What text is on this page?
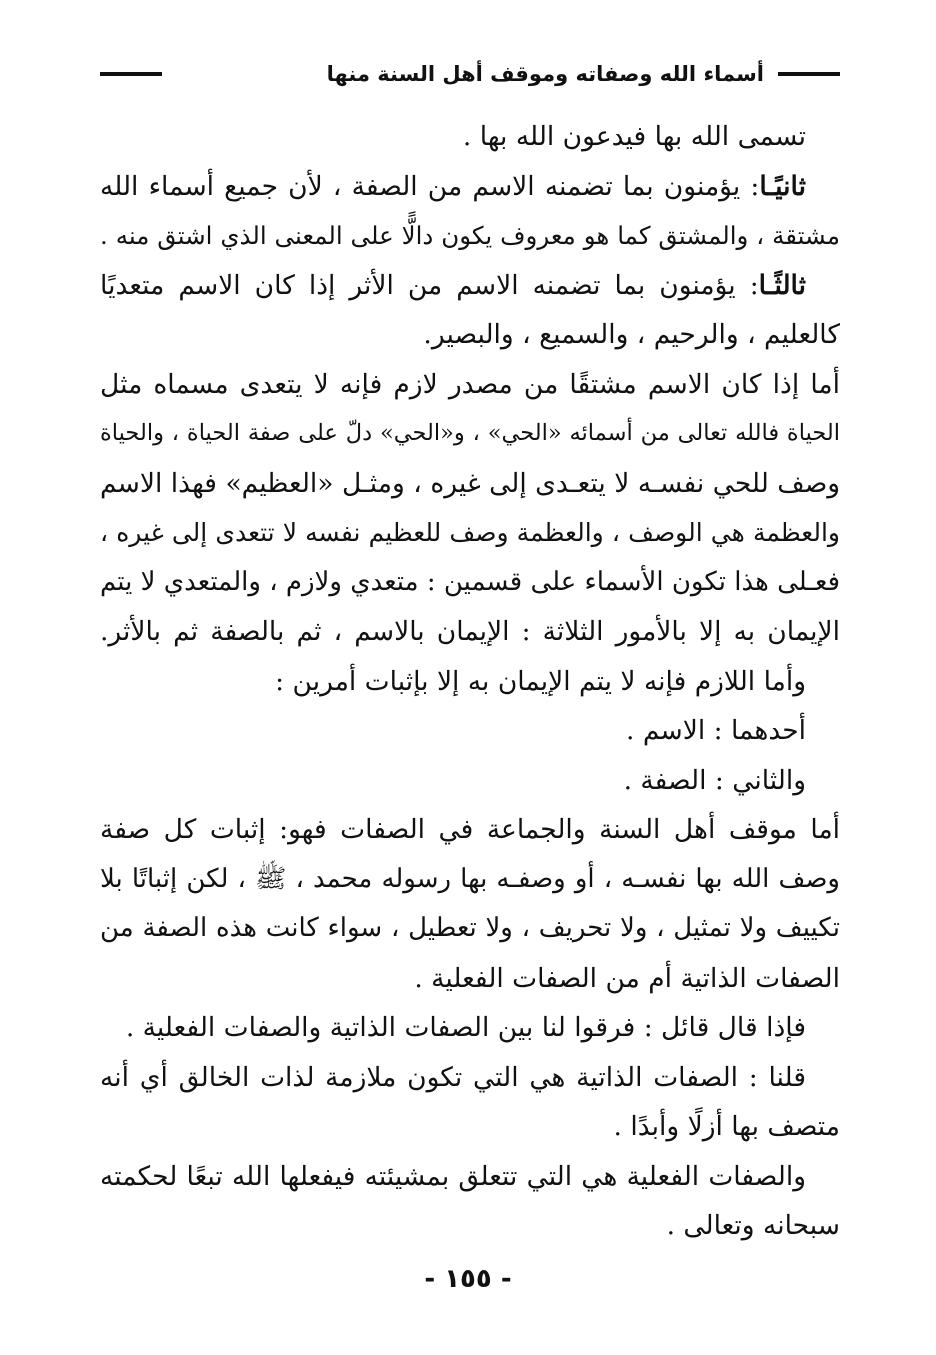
أسماء الله وصفاته وموقف أهل السنة منها
تسمى الله بها فيدعون الله بها .
ثانيًـا: يؤمنون بما تضمنه الاسم من الصفة ، لأن جميع أسماء الله
مشتقة ، والمشتق كما هو معروف يكون دالًّا على المعنى الذي اشتق منه .
ثالثًـا: يؤمنون بما تضمنه الاسم من الأثر إذا كان الاسم متعديًا
كالعليم ، والرحيم ، والسميع ، والبصير.
أما إذا كان الاسم مشتقًا من مصدر لازم فإنه لا يتعدى مسماه مثل
الحياة فالله تعالى من أسمائه «الحي» ، و«الحي» دلّ على صفة الحياة ، والحياة
وصف للحي نفسـه لا يتعـدى إلى غيره ، ومثـل «العظيم» فهذا الاسم
والعظمة هي الوصف ، والعظمة وصف للعظيم نفسه لا تتعدى إلى غيره ،
فعـلى هذا تكون الأسماء على قسمين : متعدي ولازم ، والمتعدي لا يتم
الإيمان به إلا بالأمور الثلاثة : الإيمان بالاسم ، ثم بالصفة ثم بالأثر.
وأما اللازم فإنه لا يتم الإيمان به إلا بإثبات أمرين :
أحدهما : الاسم .
والثاني : الصفة .
أما موقف أهل السنة والجماعة في الصفات فهو: إثبات كل صفة
وصف الله بها نفسـه ، أو وصفـه بها رسوله محمد ، ﷺ ، لكن إثباتًا بلا
تكييف ولا تمثيل ، ولا تحريف ، ولا تعطيل ، سواء كانت هذه الصفة من
الصفات الذاتية أم من الصفات الفعلية .
فإذا قال قائل : فرقوا لنا بين الصفات الذاتية والصفات الفعلية .
قلنا : الصفات الذاتية هي التي تكون ملازمة لذات الخالق أي أنه
متصف بها أزلًا وأبدًا .
والصفات الفعلية هي التي تتعلق بمشيئته فيفعلها الله تبعًا لحكمته
سبحانه وتعالى .
- ١٥٥ -
